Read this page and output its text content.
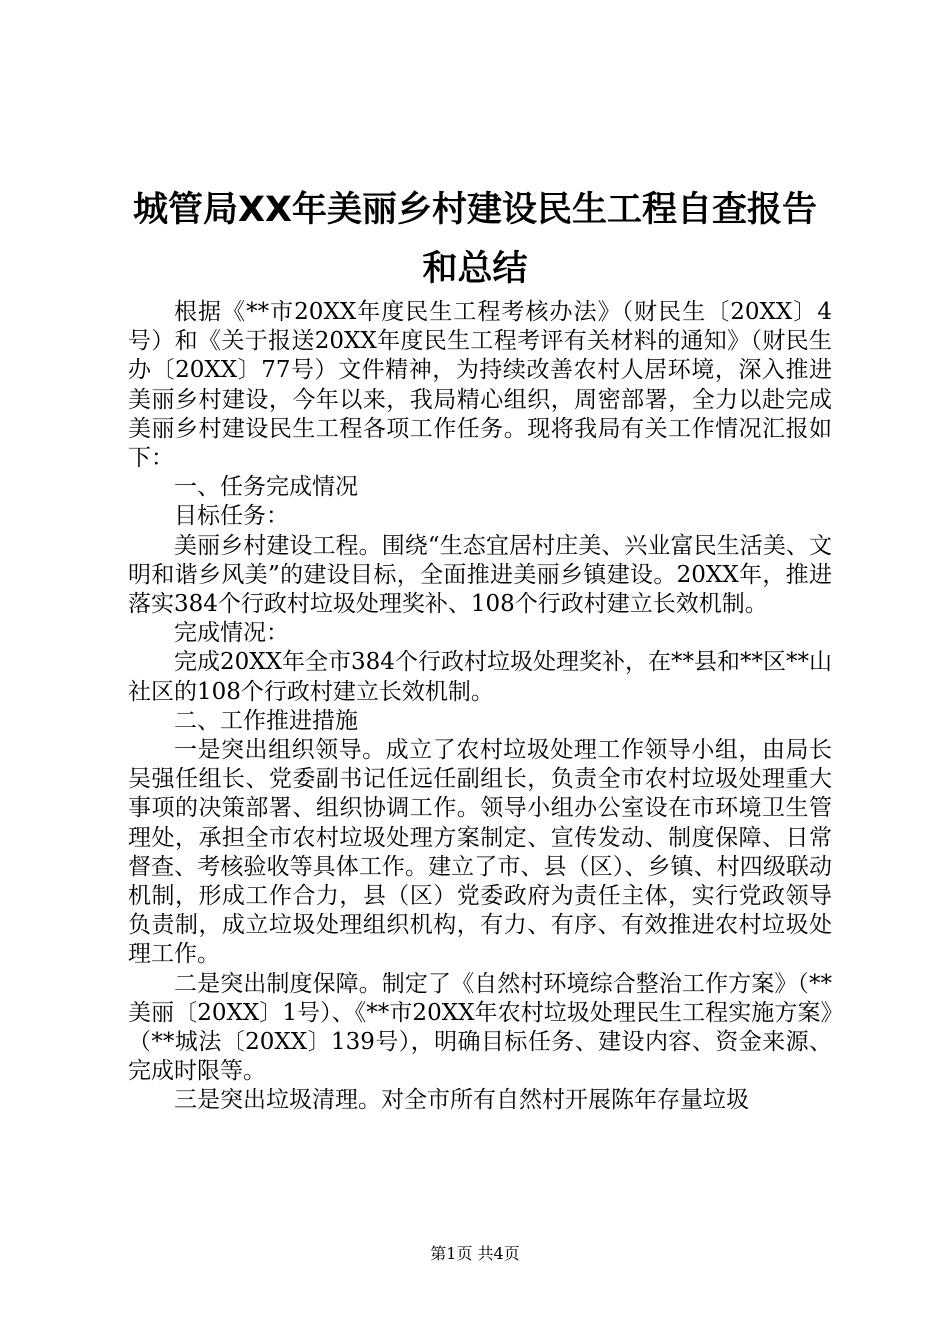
城管局XX年美丽乡村建设民生工程自查报告
和总结

根据《**市20XX年度民生工程考核办法》（财民生〔20XX〕4号）和《关于报送20XX年度民生工程考评有关材料的通知》（财民生办〔20XX〕77号）文件精神，为持续改善农村人居环境，深入推进美丽乡村建设，今年以来，我局精心组织，周密部署，全力以赴完成美丽乡村建设民生工程各项工作任务。现将我局有关工作情况汇报如下：

一、任务完成情况

目标任务：

美丽乡村建设工程。围绕“生态宜居村庄美、兴业富民生活美、文明和谐乡风美”的建设目标，全面推进美丽乡镇建设。20XX年，推进落实384个行政村垃圾处理奖补、108个行政村建立长效机制。

完成情况：

完成20XX年全市384个行政村垃圾处理奖补，在**县和**区**山社区的108个行政村建立长效机制。

二、工作推进措施

一是突出组织领导。成立了农村垃圾处理工作领导小组，由局长吴强任组长、党委副书记任远任副组长，负责全市农村垃圾处理重大事项的决策部署、组织协调工作。领导小组办公室设在市环境卫生管理处，承担全市农村垃圾处理方案制定、宣传发动、制度保障、日常督查、考核验收等具体工作。建立了市、县（区）、乡镇、村四级联动机制，形成工作合力，县（区）党委政府为责任主体，实行党政领导负责制，成立垃圾处理组织机构，有力、有序、有效推进农村垃圾处理工作。

二是突出制度保障。制定了《自然村环境综合整治工作方案》（**美丽〔20XX〕1号）、《**市20XX年农村垃圾处理民生工程实施方案》（**城法〔20XX〕139号），明确目标任务、建设内容、资金来源、完成时限等。

三是突出垃圾清理。对全市所有自然村开展陈年存量垃圾

第1页 共4页
